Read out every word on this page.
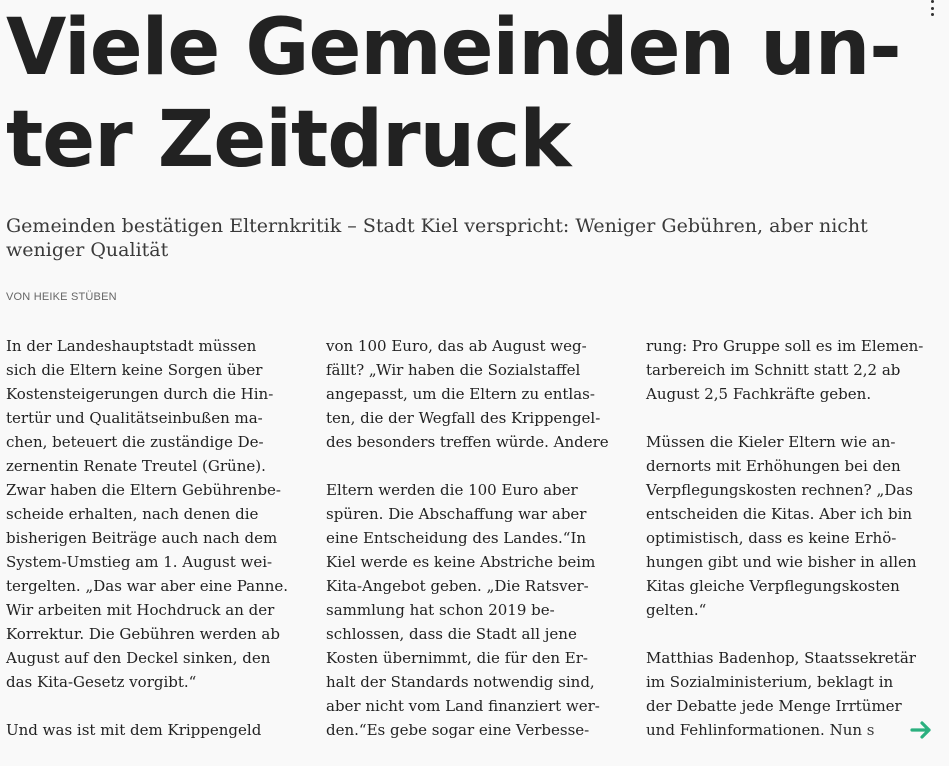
Viele Gemeinden un-
ter Zeitdruck

Gemeinden bestätigen Elternkritik – Stadt Kiel verspricht: Weniger Gebühren, aber nicht weniger Qualität

VON HEIKE STÜBEN

In der Landeshauptstadt müssen
sich die Eltern keine Sorgen über
Kostensteigerungen durch die Hin-
tertür und Qualitätseinbußen ma-
chen, beteuert die zuständige De-
zernentin Renate Treutel (Grüne).
Zwar haben die Eltern Gebührenbe-
scheide erhalten, nach denen die
bisherigen Beiträge auch nach dem
System-Umstieg am 1. August wei-
tergelten. „Das war aber eine Panne.
Wir arbeiten mit Hochdruck an der
Korrektur. Die Gebühren werden ab
August auf den Deckel sinken, den
das Kita-Gesetz vorgibt.“

Und was ist mit dem Krippengeld

von 100 Euro, das ab August weg-
fällt? „Wir haben die Sozialstaffel
angepasst, um die Eltern zu entlas-
ten, die der Wegfall des Krippengel-
des besonders treffen würde. Andere

Eltern werden die 100 Euro aber
spüren. Die Abschaffung war aber
eine Entscheidung des Landes.“In
Kiel werde es keine Abstriche beim
Kita-Angebot geben. „Die Ratsver-
sammlung hat schon 2019 be-
schlossen, dass die Stadt all jene
Kosten übernimmt, die für den Er-
halt der Standards notwendig sind,
aber nicht vom Land finanziert wer-
den.“Es gebe sogar eine Verbesse-

rung: Pro Gruppe soll es im Elemen-
tarbereich im Schnitt statt 2,2 ab
August 2,5 Fachkräfte geben.

Müssen die Kieler Eltern wie an-
dernorts mit Erhöhungen bei den
Verpflegungskosten rechnen? „Das
entscheiden die Kitas. Aber ich bin
optimistisch, dass es keine Erhö-
hungen gibt und wie bisher in allen
Kitas gleiche Verpflegungskosten
gelten.“

Matthias Badenhop, Staatssekretär
im Sozialministerium, beklagt in
der Debatte jede Menge Irrtümer
und Fehlinformationen. Nun s
